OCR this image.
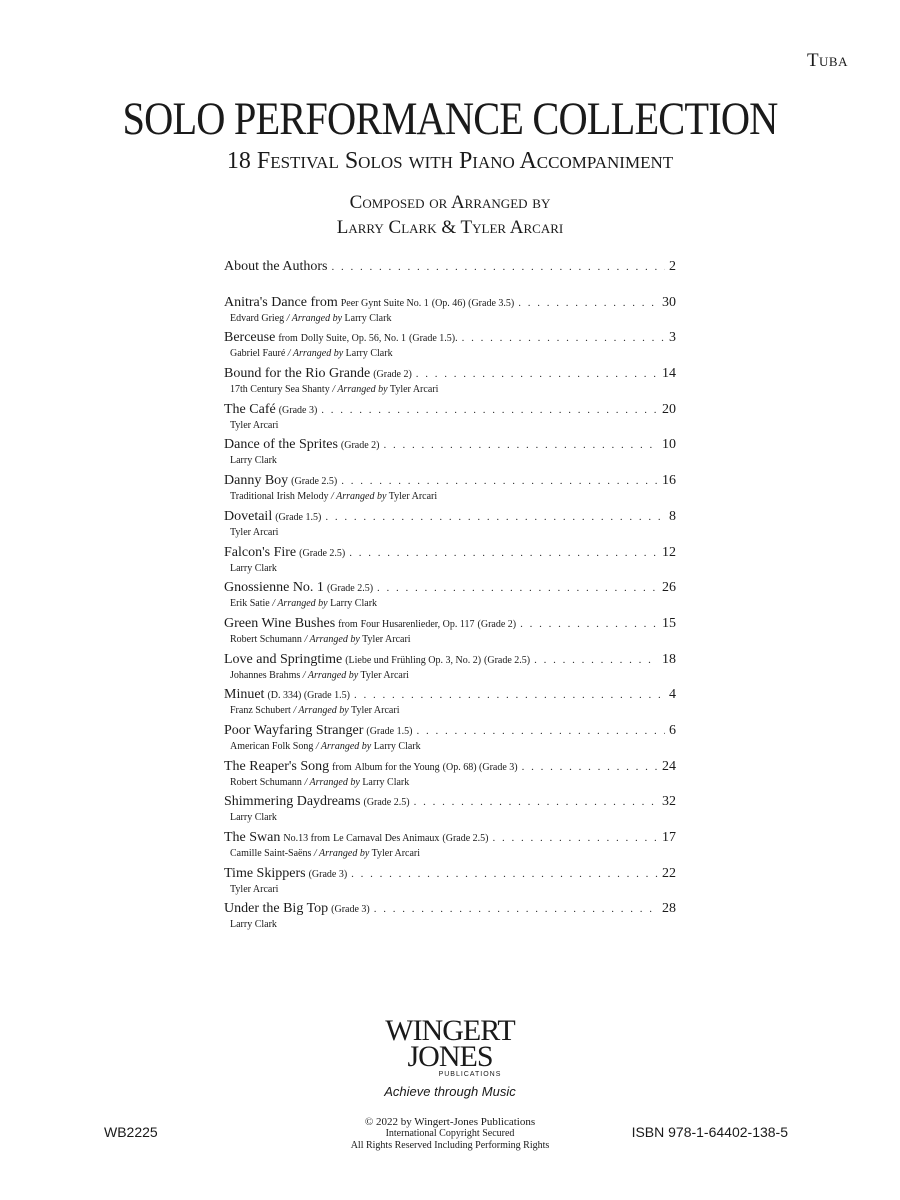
Tuba
SOLO PERFORMANCE COLLECTION
18 Festival Solos with Piano Accompaniment
Composed or Arranged by
Larry Clark & Tyler Arcari
About the Authors . . .	2
Anitra's Dance from Peer Gynt Suite No. 1 (Op. 46) (Grade 3.5) . . .	30
Edvard Grieg / Arranged by Larry Clark
Berceuse from Dolly Suite, Op. 56, No. 1 (Grade 1.5). . . .	3
Gabriel Fauré / Arranged by Larry Clark
Bound for the Rio Grande (Grade 2) . . .	14
17th Century Sea Shanty / Arranged by Tyler Arcari
The Café (Grade 3) . . .	20
Tyler Arcari
Dance of the Sprites (Grade 2) . . .	10
Larry Clark
Danny Boy (Grade 2.5) . . .	16
Traditional Irish Melody / Arranged by Tyler Arcari
Dovetail (Grade 1.5) . . .	8
Tyler Arcari
Falcon's Fire (Grade 2.5) . . .	12
Larry Clark
Gnossienne No. 1 (Grade 2.5) . . .	26
Erik Satie / Arranged by Larry Clark
Green Wine Bushes from Four Husarenlieder, Op. 117 (Grade 2) . . .	15
Robert Schumann / Arranged by Tyler Arcari
Love and Springtime (Liebe und Frühling Op. 3, No. 2) (Grade 2.5) . . .	18
Johannes Brahms / Arranged by Tyler Arcari
Minuet (D. 334) (Grade 1.5) . . .	4
Franz Schubert / Arranged by Tyler Arcari
Poor Wayfaring Stranger (Grade 1.5) . . .	6
American Folk Song / Arranged by Larry Clark
The Reaper's Song from Album for the Young (Op. 68) (Grade 3) . . .	24
Robert Schumann / Arranged by Larry Clark
Shimmering Daydreams (Grade 2.5) . . .	32
Larry Clark
The Swan No.13 from Le Carnaval Des Animaux (Grade 2.5) . . .	17
Camille Saint-Saëns / Arranged by Tyler Arcari
Time Skippers (Grade 3) . . .	22
Tyler Arcari
Under the Big Top (Grade 3) . . .	28
Larry Clark
WINGERT
JONES
PUBLICATIONS
Achieve through Music
WB2225
© 2022 by Wingert-Jones Publications
International Copyright Secured
All Rights Reserved Including Performing Rights
ISBN 978-1-64402-138-5
